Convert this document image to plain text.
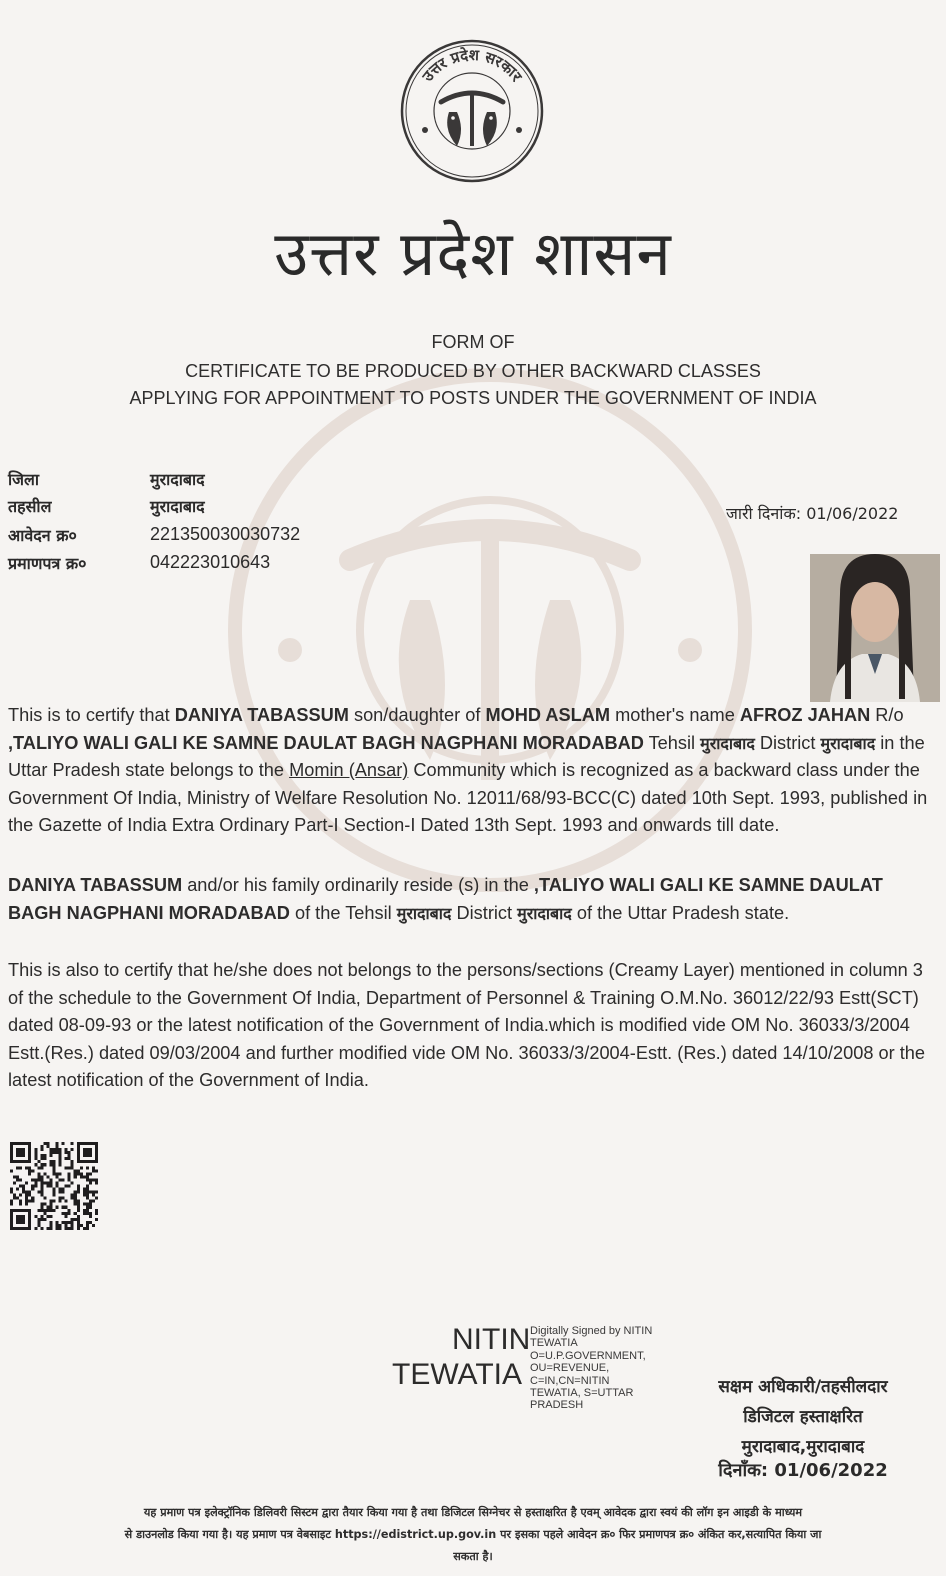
उत्तर प्रदेश सरकार
उत्तर प्रदेश शासन
FORM OF
CERTIFICATE TO BE PRODUCED BY OTHER BACKWARD CLASSES
APPLYING FOR APPOINTMENT TO POSTS UNDER THE GOVERNMENT OF INDIA
जिला	मुरादाबाद
तहसील	मुरादाबाद
आवेदन क्र०	221350030030732
प्रमाणपत्र क्र०	042223010643
जारी दिनांक: 01/06/2022
This is to certify that DANIYA TABASSUM son/daughter of MOHD ASLAM mother's name AFROZ JAHAN R/o ,TALIYO WALI GALI KE SAMNE DAULAT BAGH NAGPHANI MORADABAD Tehsil मुरादाबाद District मुरादाबाद in the Uttar Pradesh state belongs to the Momin (Ansar) Community which is recognized as a backward class under the Government Of India, Ministry of Welfare Resolution No. 12011/68/93-BCC(C) dated 10th Sept. 1993, published in the Gazette of India Extra Ordinary Part-I Section-I Dated 13th Sept. 1993 and onwards till date.
DANIYA TABASSUM and/or his family ordinarily reside (s) in the ,TALIYO WALI GALI KE SAMNE DAULAT BAGH NAGPHANI MORADABAD of the Tehsil मुरादाबाद District मुरादाबाद of the Uttar Pradesh state.
This is also to certify that he/she does not belongs to the persons/sections (Creamy Layer) mentioned in column 3 of the schedule to the Government Of India, Department of Personnel & Training O.M.No. 36012/22/93 Estt(SCT) dated 08-09-93 or the latest notification of the Government of India.which is modified vide OM No. 36033/3/2004 Estt.(Res.) dated 09/03/2004 and further modified vide OM No. 36033/3/2004-Estt. (Res.) dated 14/10/2008 or the latest notification of the Government of India.
NITIN
TEWATIA
Digitally Signed by NITIN
TEWATIA
O=U.P.GOVERNMENT,
OU=REVENUE,
C=IN,CN=NITIN
TEWATIA, S=UTTAR
PRADESH
सक्षम अधिकारी/तहसीलदार
डिजिटल हस्ताक्षरित
मुरादाबाद,मुरादाबाद
दिनाँक: 01/06/2022
यह प्रमाण पत्र इलेक्ट्रॉनिक डिलिवरी सिस्टम द्वारा तैयार किया गया है तथा डिजिटल सिग्नेचर से हस्ताक्षरित है एवम् आवेदक द्वारा स्वयं की लॉग इन आइडी के माध्यम
से डाउनलोड किया गया है। यह प्रमाण पत्र वेबसाइट https://edistrict.up.gov.in पर इसका पहले आवेदन क्र० फिर प्रमाणपत्र क्र० अंकित कर,सत्यापित किया जा
सकता है।
